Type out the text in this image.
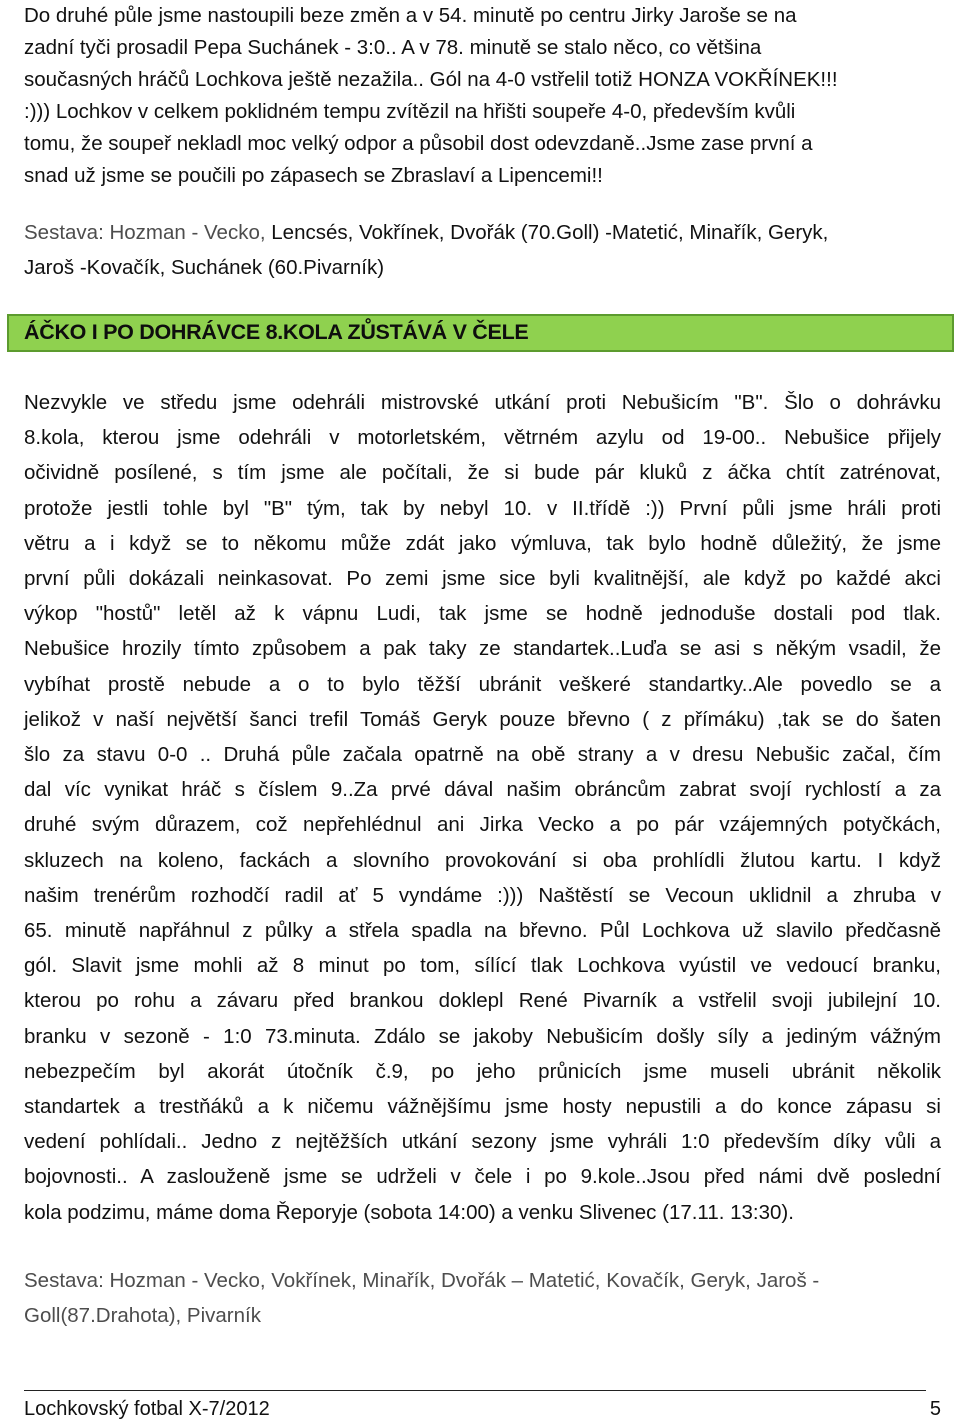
Do druhé půle jsme nastoupili beze změn a v 54. minutě po centru Jirky Jaroše se na
zadní tyči prosadil Pepa Suchánek - 3:0.. A v 78. minutě se stalo něco, co většina
současných hráčů Lochkova ještě nezažila.. Gól na 4-0 vstřelil totiž HONZA VOKŘÍNEK!!!
:))) Lochkov v celkem poklidném tempu zvítězil na hřišti soupeře 4-0, především kvůli
tomu, že soupeř nekladl moc velký odpor a působil dost odevzdaně..Jsme zase první a
snad už jsme se poučili po zápasech se Zbraslaví a Lipencemi!!
Sestava: Hozman - Vecko, Lencsés, Vokřínek, Dvořák (70.Goll) -Matetić, Minařík, Geryk,
Jaroš -Kovačík, Suchánek (60.Pivarník)
ÁČKO I PO DOHRÁVCE 8.KOLA ZŮSTÁVÁ V ČELE
Nezvykle ve středu jsme odehráli mistrovské utkání proti Nebušicím "B". Šlo o dohrávku
8.kola, kterou jsme odehráli v motorletském, větrném azylu od 19-00.. Nebušice přijely
očividně posílené, s tím jsme ale počítali, že si bude pár kluků z áčka chtít zatrénovat,
protože jestli tohle byl "B" tým, tak by nebyl 10. v II.třídě :)) První půli jsme hráli proti
větru a i když se to někomu může zdát jako výmluva, tak bylo hodně důležitý, že jsme
první půli dokázali neinkasovat. Po zemi jsme sice byli kvalitnější, ale když po každé akci
výkop "hostů" letěl až k vápnu Ludi, tak jsme se hodně jednoduše dostali pod tlak.
Nebušice hrozily tímto způsobem a pak taky ze standartek..Luďa se asi s někým vsadil, že
vybíhat prostě nebude a o to bylo těžší ubránit veškeré standartky..Ale povedlo se a
jelikož v naší největší šanci trefil Tomáš Geryk pouze břevno ( z přímáku) ,tak se do šaten
šlo za stavu 0-0 .. Druhá půle začala opatrně na obě strany a v dresu Nebušic začal, čím
dal víc vynikat hráč s číslem 9..Za prvé dával našim obráncům zabrat svojí rychlostí a za
druhé svým důrazem, což nepřehlédnul ani Jirka Vecko a po pár vzájemných potyčkách,
skluzech na koleno, fackách a slovního provokování si oba prohlídli žlutou kartu. I když
našim trenérům rozhodčí radil ať 5 vyndáme :))) Naštěstí se Vecoun uklidnil a zhruba v
65. minutě napřáhnul z půlky a střela spadla na břevno. Půl Lochkova už slavilo předčasně
gól. Slavit jsme mohli až 8 minut po tom, sílící tlak Lochkova vyústil ve vedoucí branku,
kterou po rohu a závaru před brankou doklepl René Pivarník a vstřelil svoji jubilejní 10.
branku v sezoně - 1:0 73.minuta. Zdálo se jakoby Nebušicím došly síly a jediným vážným
nebezpečím byl akorát útočník č.9, po jeho průnicích jsme museli ubránit několik
standartek a trestňáků a k ničemu vážnějšímu jsme hosty nepustili a do konce zápasu si
vedení pohlídali.. Jedno z nejtěžších utkání sezony jsme vyhráli 1:0 především díky vůli a
bojovnosti.. A zaslouženě jsme se udrželi v čele i po 9.kole..Jsou před námi dvě poslední
kola podzimu, máme doma Řeporyje (sobota 14:00) a venku Slivenec (17.11. 13:30).
Sestava: Hozman - Vecko, Vokřínek, Minařík, Dvořák – Matetić, Kovačík, Geryk, Jaroš -
Goll(87.Drahota), Pivarník
Lochkovský fotbal X-7/2012	5
